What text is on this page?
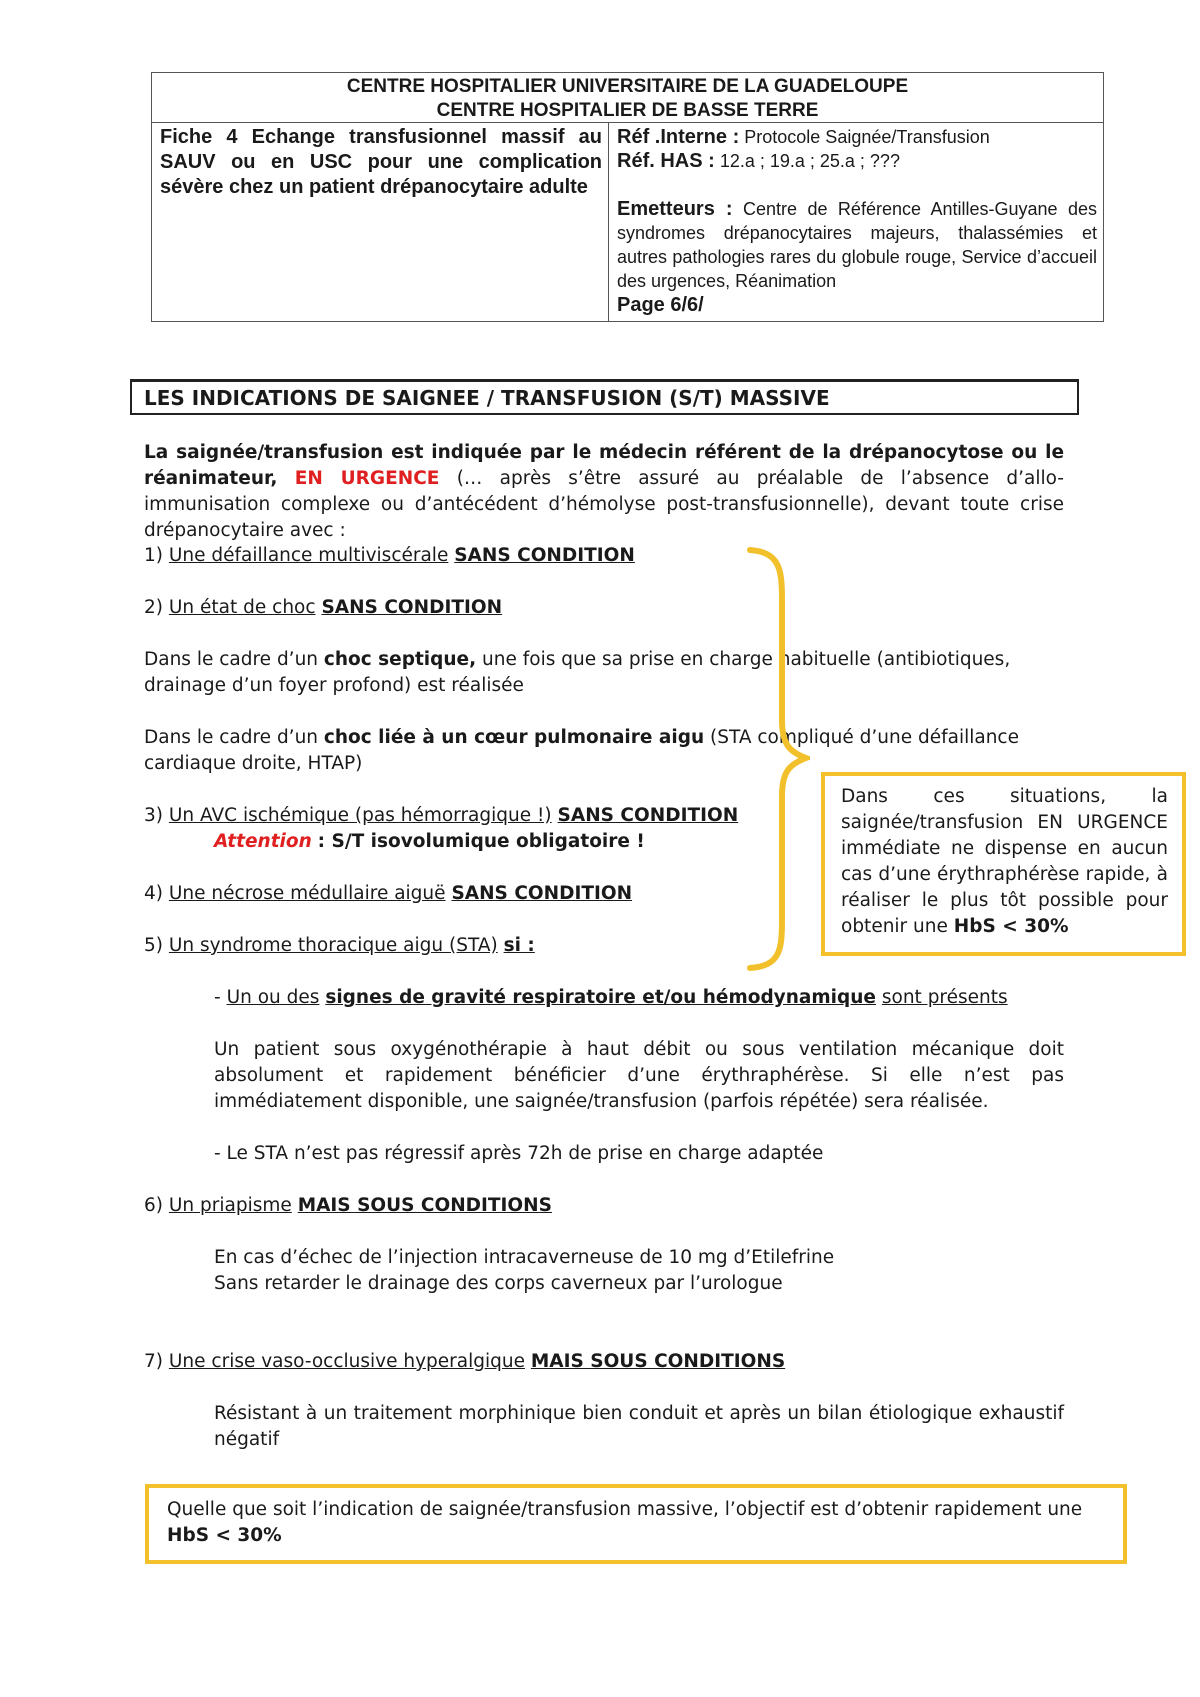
CENTRE HOSPITALIER UNIVERSITAIRE DE LA GUADELOUPE
CENTRE HOSPITALIER DE BASSE TERRE
Fiche 4 Echange transfusionnel massif au SAUV ou en USC pour une complication sévère chez un patient drépanocytaire adulte
Réf .Interne : Protocole Saignée/Transfusion
Réf. HAS : 12.a ; 19.a ; 25.a ; ???
Emetteurs : Centre de Référence Antilles-Guyane des syndromes drépanocytaires majeurs, thalassémies et autres pathologies rares du globule rouge, Service d’accueil des urgences, Réanimation
Page 6/6/
LES INDICATIONS DE SAIGNEE / TRANSFUSION (S/T) MASSIVE
La saignée/transfusion est indiquée par le médecin référent de la drépanocytose ou le réanimateur, EN URGENCE (… après s’être assuré au préalable de l’absence d’allo-immunisation complexe ou d’antécédent d’hémolyse post-transfusionnelle), devant toute crise drépanocytaire avec :
1) Une défaillance multiviscérale SANS CONDITION
2) Un état de choc SANS CONDITION
Dans le cadre d’un choc septique, une fois que sa prise en charge habituelle (antibiotiques, drainage d’un foyer profond) est réalisée
Dans le cadre d’un choc liée à un cœur pulmonaire aigu (STA compliqué d’une défaillance cardiaque droite, HTAP)
3) Un AVC ischémique (pas hémorragique !) SANS CONDITION
Attention : S/T isovolumique obligatoire !
4) Une nécrose médullaire aiguë SANS CONDITION
5) Un syndrome thoracique aigu (STA) si :
- Un ou des signes de gravité respiratoire et/ou hémodynamique sont présents
Un patient sous oxygénothérapie à haut débit ou sous ventilation mécanique doit absolument et rapidement bénéficier d’une érythraphérèse. Si elle n’est pas immédiatement disponible, une saignée/transfusion (parfois répétée) sera réalisée.
- Le STA n’est pas régressif après 72h de prise en charge adaptée
6) Un priapisme MAIS SOUS CONDITIONS
En cas d’échec de l’injection intracaverneuse de 10 mg d’Etilefrine
Sans retarder le drainage des corps caverneux par l’urologue
7) Une crise vaso-occlusive hyperalgique MAIS SOUS CONDITIONS
Résistant à un traitement morphinique bien conduit et après un bilan étiologique exhaustif négatif
Dans ces situations, la saignée/transfusion EN URGENCE immédiate ne dispense en aucun cas d’une érythraphérèse rapide, à réaliser le plus tôt possible pour obtenir une HbS < 30%
Quelle que soit l’indication de saignée/transfusion massive, l’objectif est d’obtenir rapidement une HbS < 30%
